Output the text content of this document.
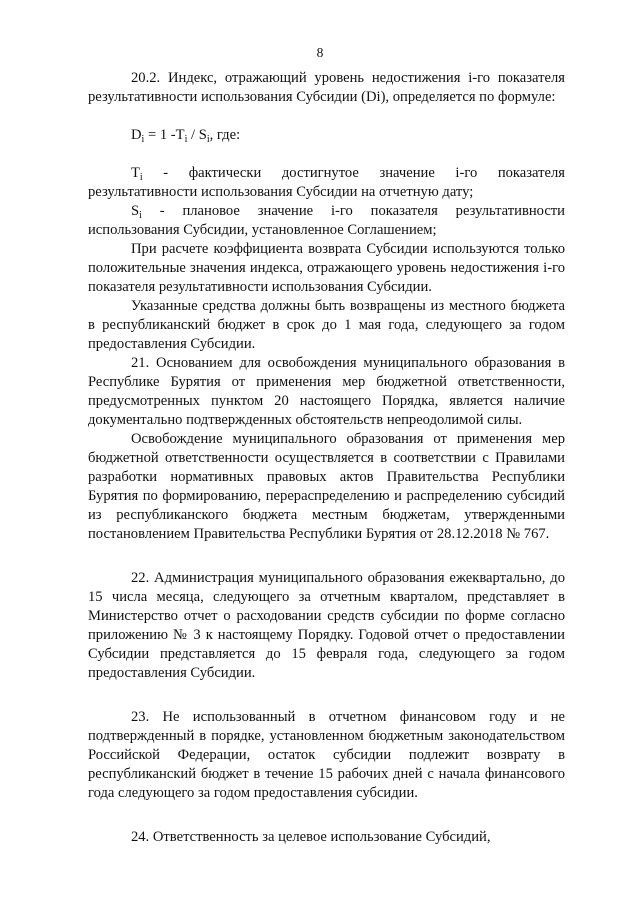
8

20.2. Индекс, отражающий уровень недостижения i-го показателя результативности использования Субсидии (Di), определяется по формуле:

$D_i = 1$ $-T_i / S_i$, где:

$T_i$ - фактически достигнутое значение i-го показателя результативности использования Субсидии на отчетную дату;

$S_i$ - плановое значение i-го показателя результативности использования Субсидии, установленное Соглашением;

При расчете коэффициента возврата Субсидии используются только положительные значения индекса, отражающего уровень недостижения i-го показателя результативности использования Субсидии.

Указанные средства должны быть возвращены из местного бюджета в республиканский бюджет в срок до 1 мая года, следующего за годом предоставления Субсидии.

21. Основанием для освобождения муниципального образования в Республике Бурятия от применения мер бюджетной ответственности, предусмотренных пунктом 20 настоящего Порядка, является наличие документально подтвержденных обстоятельств непреодолимой силы.

Освобождение муниципального образования от применения мер бюджетной ответственности осуществляется в соответствии с Правилами разработки нормативных правовых актов Правительства Республики Бурятия по формированию, перераспределению и распределению субсидий из республиканского бюджета местным бюджетам, утвержденными постановлением Правительства Республики Бурятия от 28.12.2018 № 767.

22. Администрация муниципального образования ежеквартально, до 15 числа месяца, следующего за отчетным кварталом, представляет в Министерство отчет о расходовании средств субсидии по форме согласно приложению № 3 к настоящему Порядку. Годовой отчет о предоставлении Субсидии представляется до 15 февраля года, следующего за годом предоставления Субсидии.

23. Не использованный в отчетном финансовом году и не подтвержденный в порядке, установленном бюджетным законодательством Российской Федерации, остаток субсидии подлежит возврату в республиканский бюджет в течение 15 рабочих дней с начала финансового года следующего за годом предоставления субсидии.

24. Ответственность за целевое использование Субсидий,
